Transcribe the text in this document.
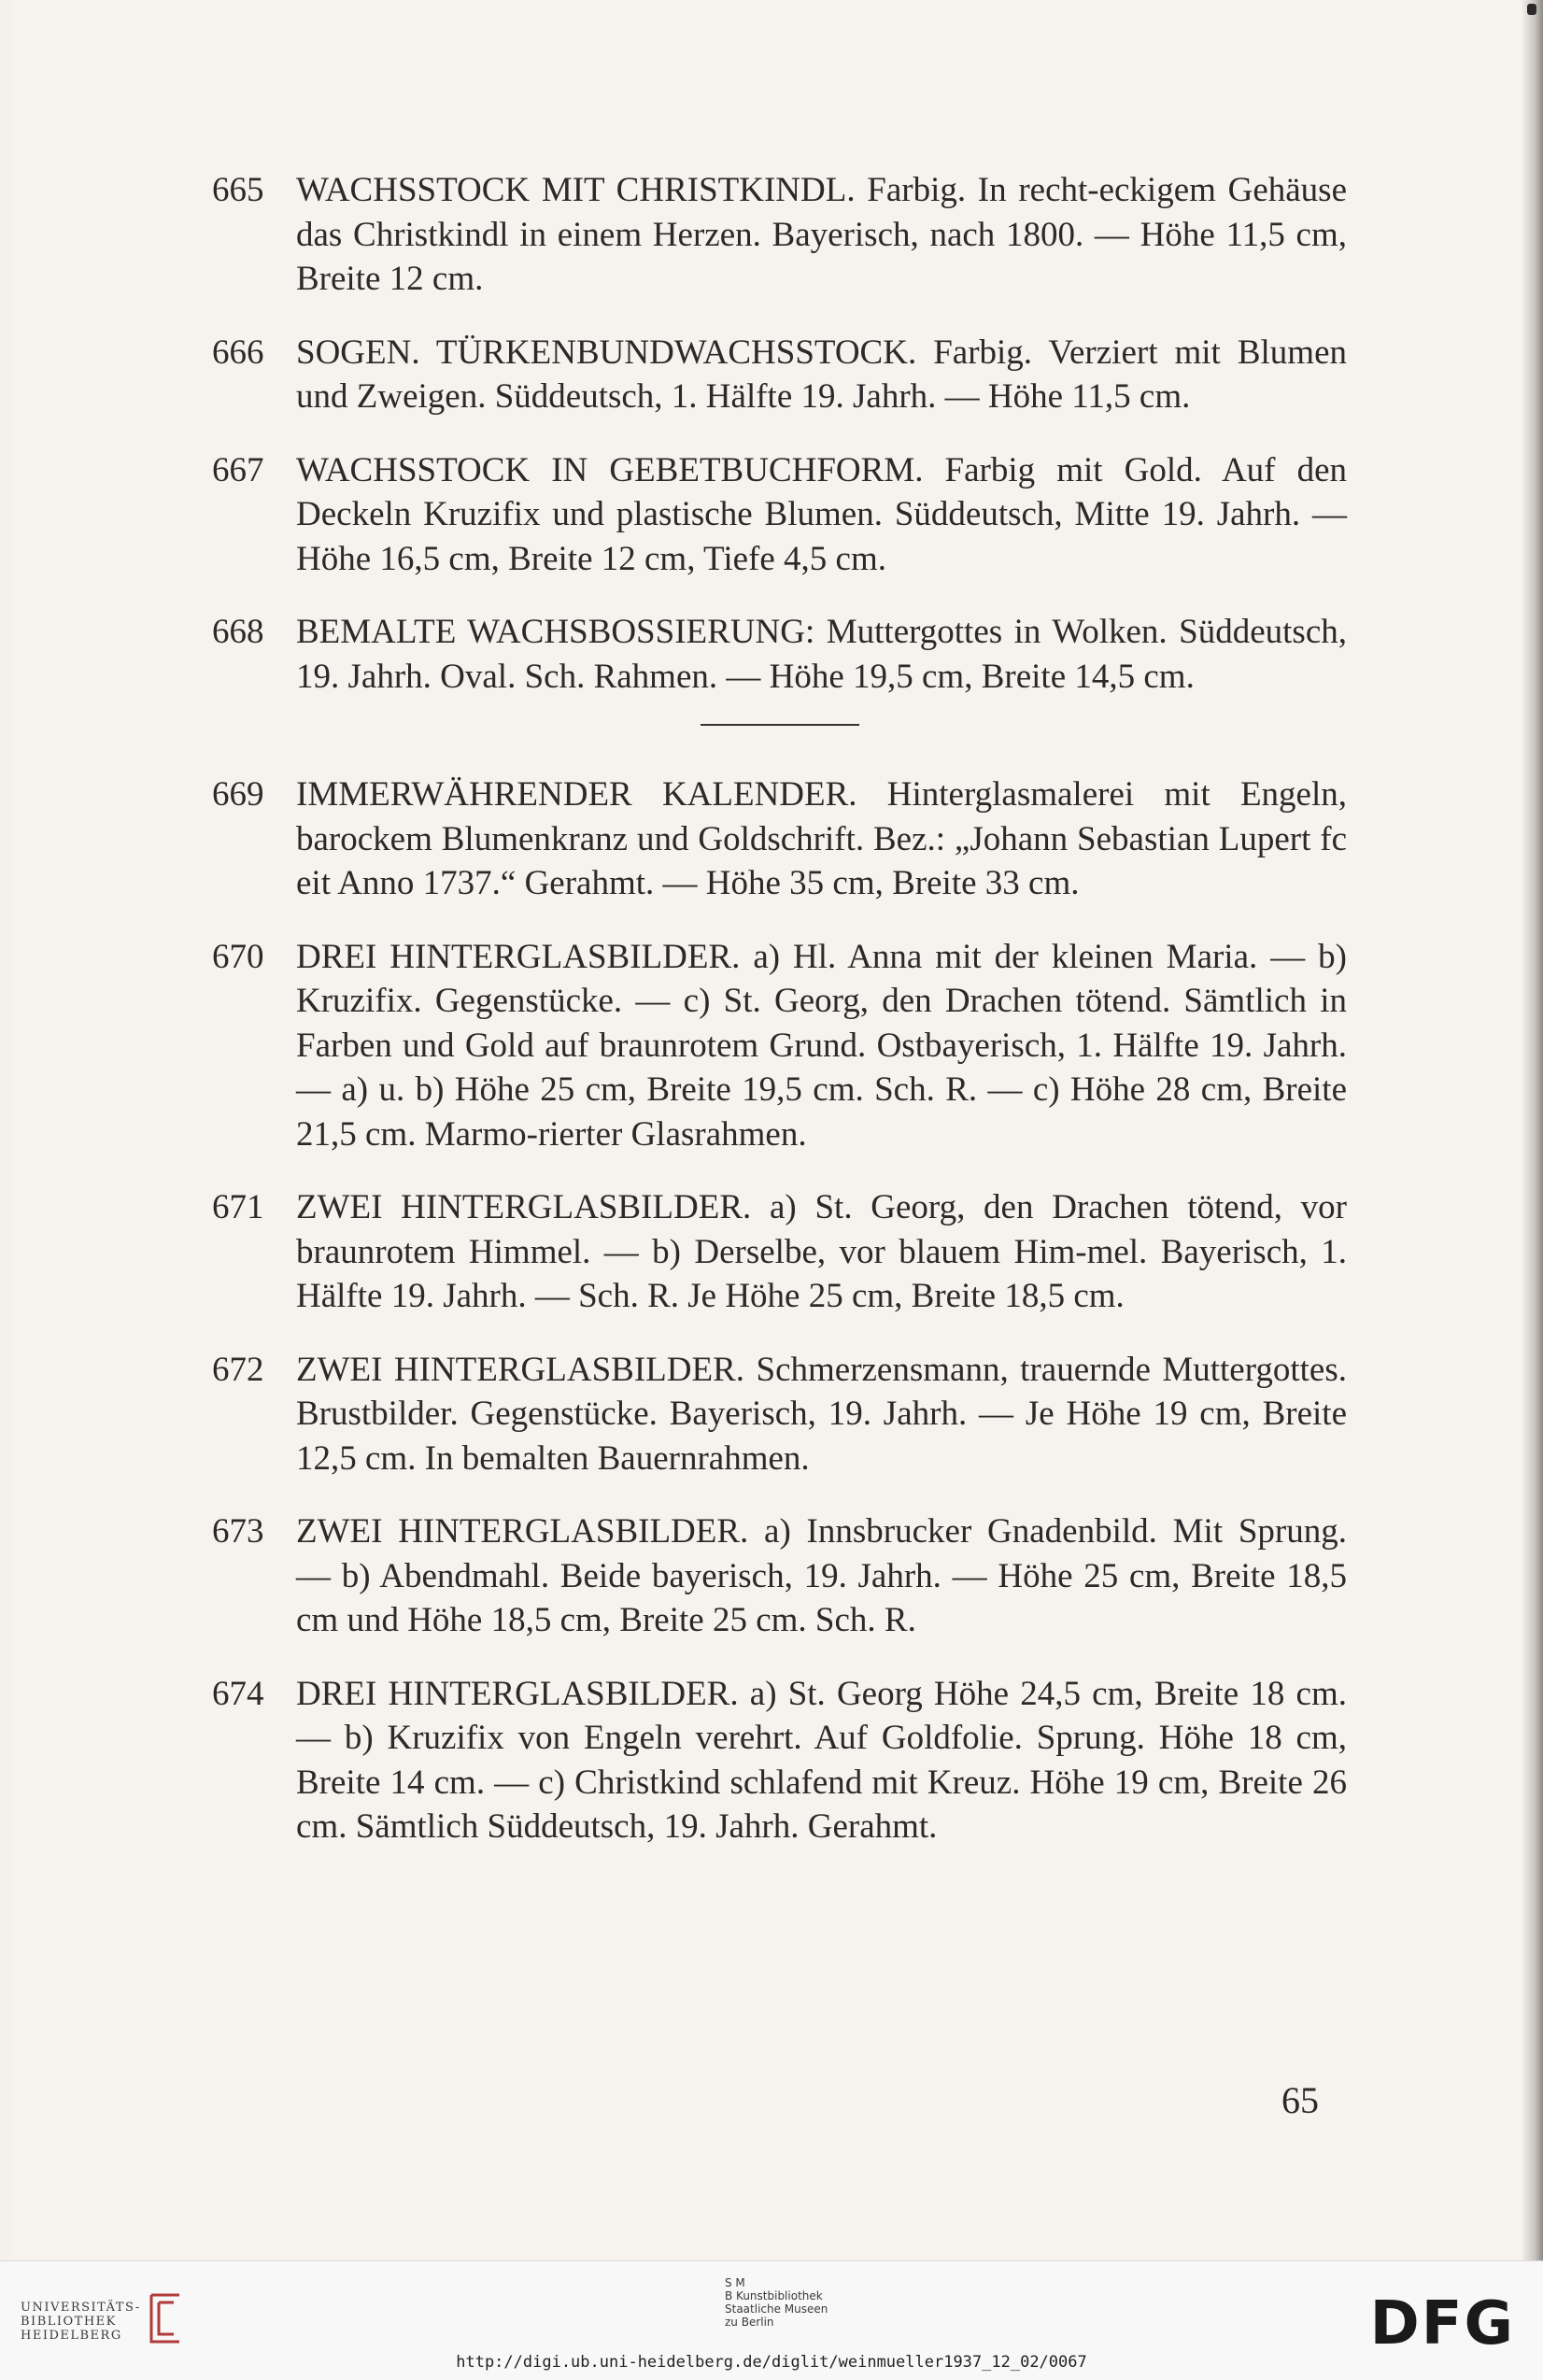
665 WACHSSTOCK MIT CHRISTKINDL. Farbig. In recht-eckigem Gehäuse das Christkindl in einem Herzen. Bayerisch, nach 1800. — Höhe 11,5 cm, Breite 12 cm.
666 SOGEN. TÜRKENBUNDWACHSSTOCK. Farbig. Verziert mit Blumen und Zweigen. Süddeutsch, 1. Hälfte 19. Jahrh. — Höhe 11,5 cm.
667 WACHSSTOCK IN GEBETBUCHFORM. Farbig mit Gold. Auf den Deckeln Kruzifix und plastische Blumen. Süddeutsch, Mitte 19. Jahrh. — Höhe 16,5 cm, Breite 12 cm, Tiefe 4,5 cm.
668 BEMALTE WACHSBOSSIERUNG: Muttergottes in Wolken. Süddeutsch, 19. Jahrh. Oval. Sch. Rahmen. — Höhe 19,5 cm, Breite 14,5 cm.
669 IMMERWÄHRENDER KALENDER. Hinterglasmalerei mit Engeln, barockem Blumenkranz und Goldschrift. Bez.: „Johann Sebastian Lupert fc eit Anno 1737.“ Gerahmt. — Höhe 35 cm, Breite 33 cm.
670 DREI HINTERGLASBILDER. a) Hl. Anna mit der kleinen Maria. — b) Kruzifix. Gegenstücke. — c) St. Georg, den Drachen tötend. Sämtlich in Farben und Gold auf braunrotem Grund. Ostbayerisch, 1. Hälfte 19. Jahrh. — a) u. b) Höhe 25 cm, Breite 19,5 cm. Sch. R. — c) Höhe 28 cm, Breite 21,5 cm. Marmo-rierter Glasrahmen.
671 ZWEI HINTERGLASBILDER. a) St. Georg, den Drachen tötend, vor braunrotem Himmel. — b) Derselbe, vor blauem Him-mel. Bayerisch, 1. Hälfte 19. Jahrh. — Sch. R. Je Höhe 25 cm, Breite 18,5 cm.
672 ZWEI HINTERGLASBILDER. Schmerzensmann, trauernde Muttergottes. Brustbilder. Gegenstücke. Bayerisch, 19. Jahrh. — Je Höhe 19 cm, Breite 12,5 cm. In bemalten Bauernrahmen.
673 ZWEI HINTERGLASBILDER. a) Innsbrucker Gnadenbild. Mit Sprung. — b) Abendmahl. Beide bayerisch, 19. Jahrh. — Höhe 25 cm, Breite 18,5 cm und Höhe 18,5 cm, Breite 25 cm. Sch. R.
674 DREI HINTERGLASBILDER. a) St. Georg Höhe 24,5 cm, Breite 18 cm. — b) Kruzifix von Engeln verehrt. Auf Goldfolie. Sprung. Höhe 18 cm, Breite 14 cm. — c) Christkind schlafend mit Kreuz. Höhe 19 cm, Breite 26 cm. Sämtlich Süddeutsch, 19. Jahrh. Gerahmt.
65
UNIVERSITÄTS-
BIBLIOTHEK
HEIDELBERG
S M
B Kunstbibliothek
Staatliche Museen
zu Berlin	DFG
http://digi.ub.uni-heidelberg.de/diglit/weinmueller1937_12_02/0067
